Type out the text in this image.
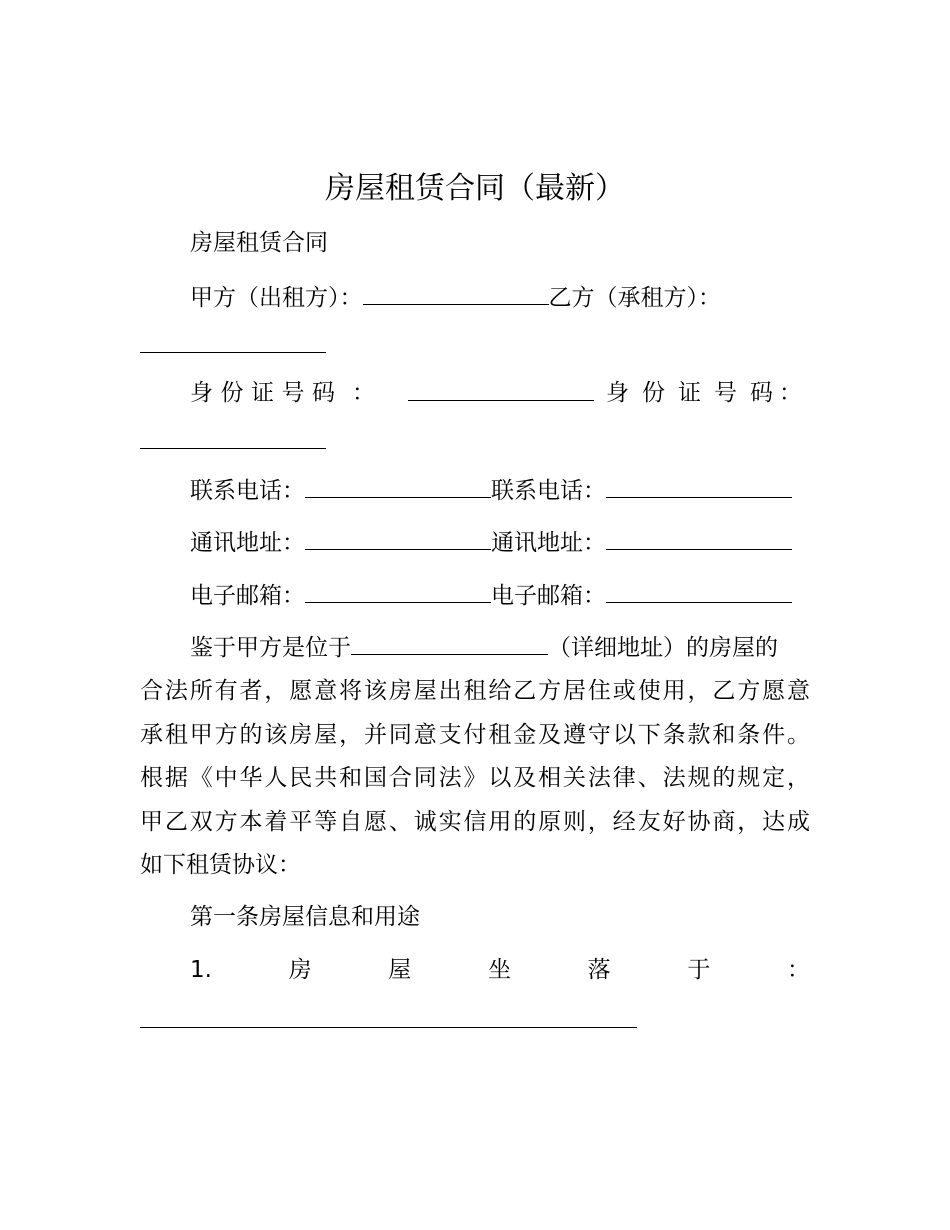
房屋租赁合同（最新）
房屋租赁合同
甲方（出租方）：	乙方（承租方）：
身 份 证 号 码 ：	身 份 证 号 码 ：
联系电话：	联系电话：
通讯地址：	通讯地址：
电子邮箱：	电子邮箱：
鉴于甲方是位于	（详细地址）的房屋的
合法所有者，愿意将该房屋出租给乙方居住或使用，乙方愿意
承租甲方的该房屋，并同意支付租金及遵守以下条款和条件。
根据《中华人民共和国合同法》以及相关法律、法规的规定，
甲乙双方本着平等自愿、诚实信用的原则，经友好协商，达成
如下租赁协议：
第一条房屋信息和用途
1.	房	屋	坐	落	于	：
